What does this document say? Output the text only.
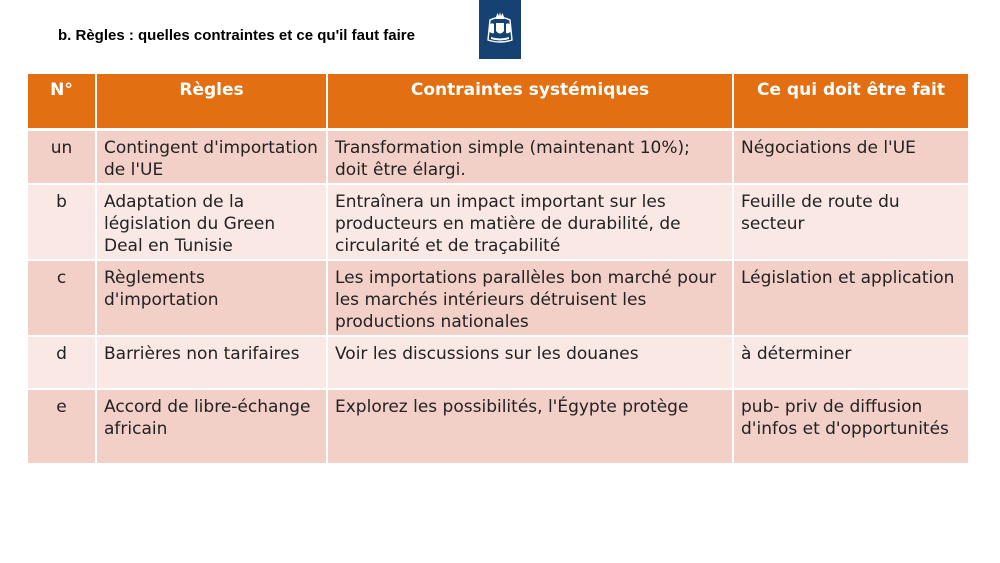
b. Règles : quelles contraintes et ce qu'il faut faire
N°	Règles	Contraintes systémiques	Ce qui doit être fait
un	Contingent d'importation de l'UE	Transformation simple (maintenant 10%); doit être élargi.	Négociations de l'UE
b	Adaptation de la législation du Green Deal en Tunisie	Entraînera un impact important sur les producteurs en matière de durabilité, de circularité et de traçabilité	Feuille de route du secteur
c	Règlements d'importation	Les importations parallèles bon marché pour les marchés intérieurs détruisent les productions nationales	Législation et application
d	Barrières non tarifaires	Voir les discussions sur les douanes	à déterminer
e	Accord de libre-échange africain	Explorez les possibilités, l'Égypte protège	pub- priv de diffusion d'infos et d'opportunités
